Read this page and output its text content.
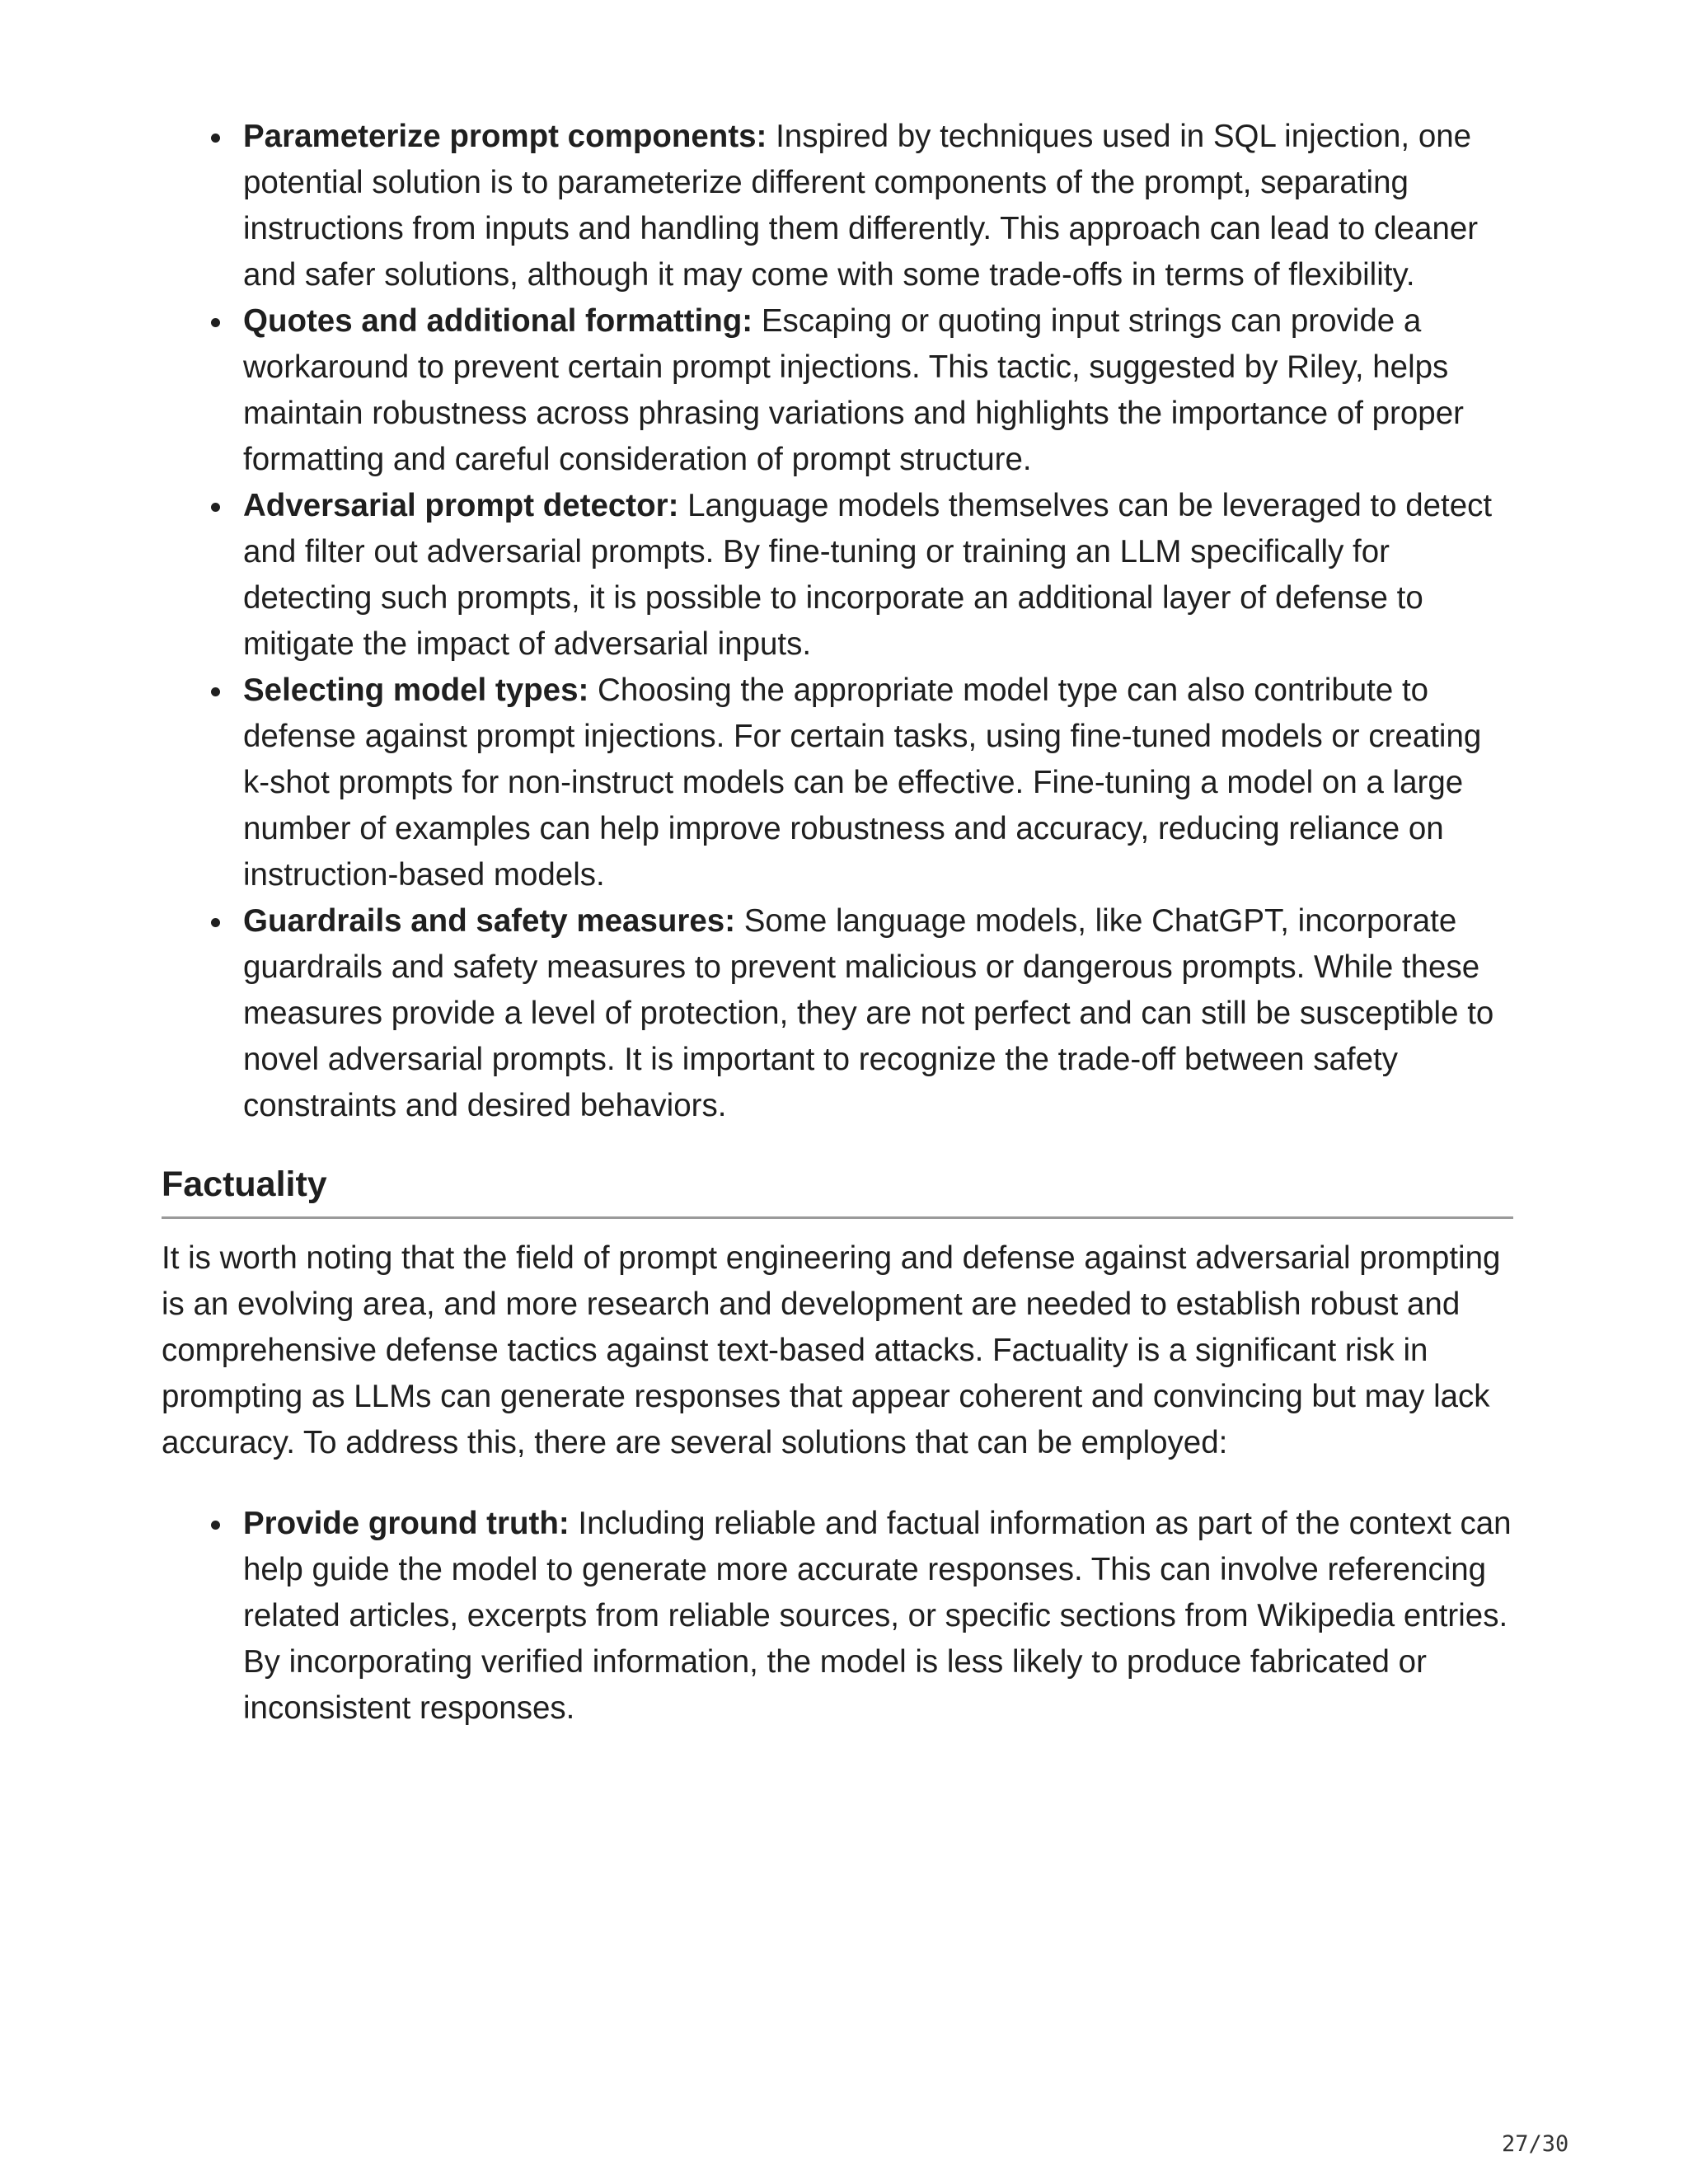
Parameterize prompt components: Inspired by techniques used in SQL injection, one potential solution is to parameterize different components of the prompt, separating instructions from inputs and handling them differently. This approach can lead to cleaner and safer solutions, although it may come with some trade-offs in terms of flexibility.
Quotes and additional formatting: Escaping or quoting input strings can provide a workaround to prevent certain prompt injections. This tactic, suggested by Riley, helps maintain robustness across phrasing variations and highlights the importance of proper formatting and careful consideration of prompt structure.
Adversarial prompt detector: Language models themselves can be leveraged to detect and filter out adversarial prompts. By fine-tuning or training an LLM specifically for detecting such prompts, it is possible to incorporate an additional layer of defense to mitigate the impact of adversarial inputs.
Selecting model types: Choosing the appropriate model type can also contribute to defense against prompt injections. For certain tasks, using fine-tuned models or creating k-shot prompts for non-instruct models can be effective. Fine-tuning a model on a large number of examples can help improve robustness and accuracy, reducing reliance on instruction-based models.
Guardrails and safety measures: Some language models, like ChatGPT, incorporate guardrails and safety measures to prevent malicious or dangerous prompts. While these measures provide a level of protection, they are not perfect and can still be susceptible to novel adversarial prompts. It is important to recognize the trade-off between safety constraints and desired behaviors.
Factuality

It is worth noting that the field of prompt engineering and defense against adversarial prompting is an evolving area, and more research and development are needed to establish robust and comprehensive defense tactics against text-based attacks. Factuality is a significant risk in prompting as LLMs can generate responses that appear coherent and convincing but may lack accuracy. To address this, there are several solutions that can be employed:

Provide ground truth: Including reliable and factual information as part of the context can help guide the model to generate more accurate responses. This can involve referencing related articles, excerpts from reliable sources, or specific sections from Wikipedia entries. By incorporating verified information, the model is less likely to produce fabricated or inconsistent responses.
27/30
